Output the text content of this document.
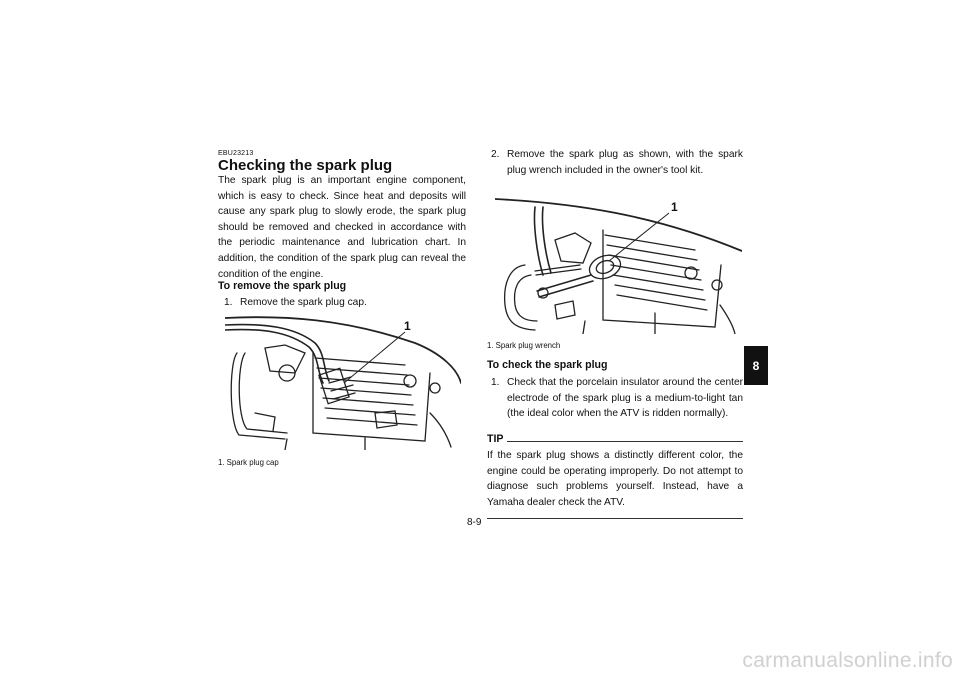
EBU23213
Checking the spark plug

The spark plug is an important engine component, which is easy to check. Since heat and deposits will cause any spark plug to slowly erode, the spark plug should be removed and checked in accordance with the periodic maintenance and lubrication chart. In addition, the condition of the spark plug can reveal the condition of the engine.

To remove the spark plug
1. Remove the spark plug cap.
1
1. Spark plug cap
2. Remove the spark plug as shown, with the spark plug wrench included in the owner's tool kit.
1
1. Spark plug wrench
To check the spark plug
1. Check that the porcelain insulator around the center electrode of the spark plug is a medium-to-light tan (the ideal color when the ATV is ridden normally).
TIP

If the spark plug shows a distinctly different color, the engine could be operating improperly. Do not attempt to diagnose such problems yourself. Instead, have a Yamaha dealer check the ATV.

8
8-9
carmanualsonline.info
